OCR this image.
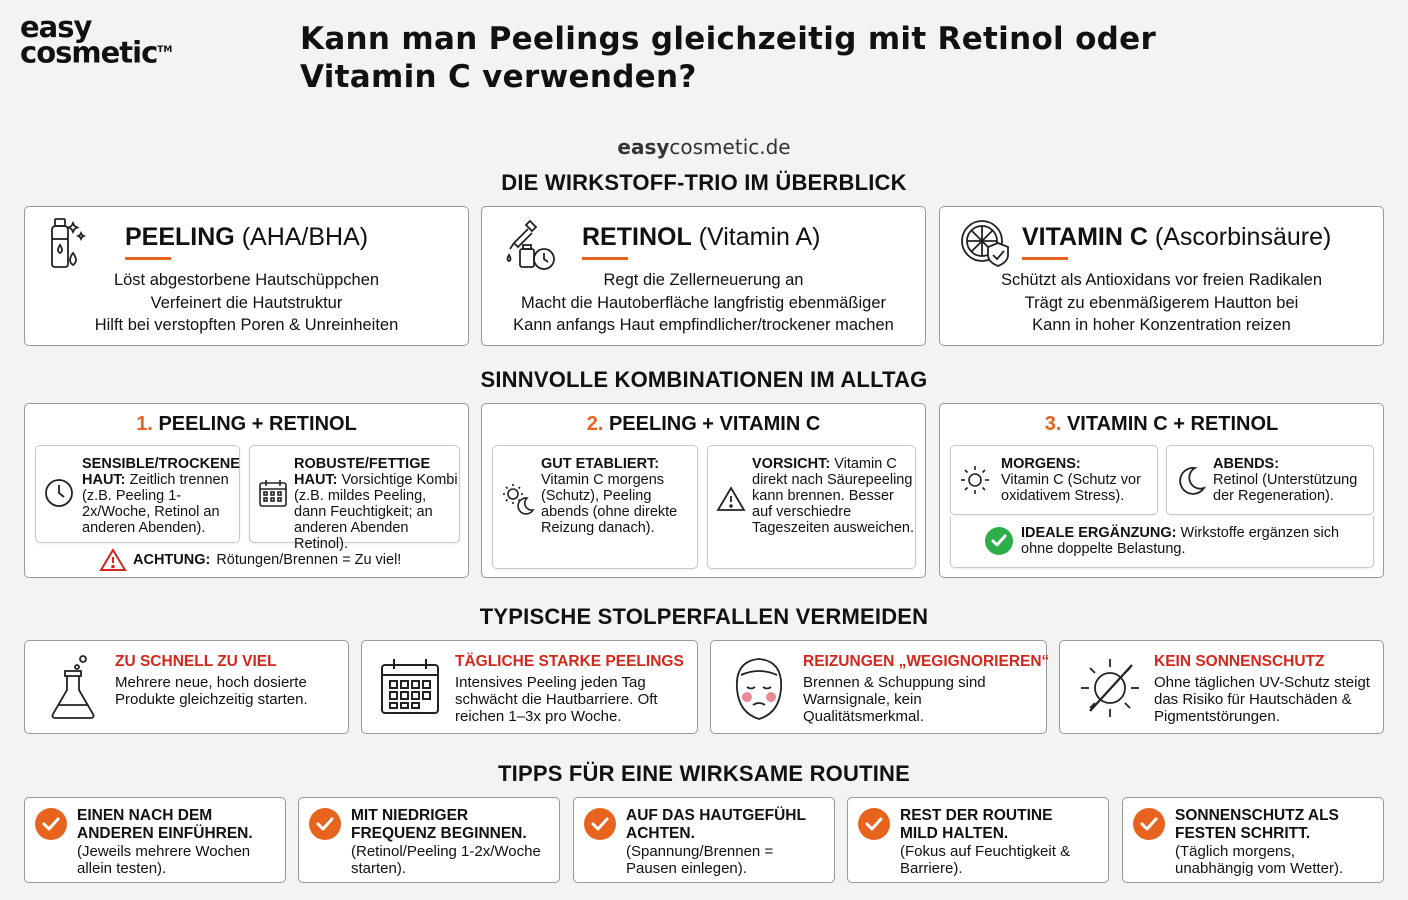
easy
cosmetic™	Kann man Peelings gleichzeitig mit Retinol oder Vitamin C verwenden?
easycosmetic.de
DIE WIRKSTOFF-TRIO IM ÜBERBLICK
PEELING (AHA/BHA)
Löst abgestorbene Hautschüppchen
Verfeinert die Hautstruktur
Hilft bei verstopften Poren & Unreinheiten
RETINOL (Vitamin A)
Regt die Zellerneuerung an
Macht die Hautoberfläche langfristig ebenmäßiger
Kann anfangs Haut empfindlicher/trockener machen
VITAMIN C (Ascorbinsäure)
Schützt als Antioxidans vor freien Radikalen
Trägt zu ebenmäßigerem Hautton bei
Kann in hoher Konzentration reizen
SINNVOLLE KOMBINATIONEN IM ALLTAG
1. PEELING + RETINOL
SENSIBLE/TROCKENE HAUT: Zeitlich trennen (z.B. Peeling 1-2x/Woche, Retinol an anderen Abenden).
ROBUSTE/FETTIGE HAUT: Vorsichtige Kombi (z.B. mildes Peeling, dann Feuchtigkeit; an anderen Abenden Retinol).
ACHTUNG: Rötungen/Brennen = Zu viel!
2. PEELING + VITAMIN C
GUT ETABLIERT: Vitamin C morgens (Schutz), Peeling abends (ohne direkte Reizung danach).
VORSICHT: Vitamin C direkt nach Säurepeeling kann brennen. Besser auf verschiedre Tageszeiten ausweichen.
3. VITAMIN C + RETINOL
MORGENS:
Vitamin C (Schutz vor oxidativem Stress).
ABENDS:
Retinol (Unterstützung der Regeneration).
IDEALE ERGÄNZUNG: Wirkstoffe ergänzen sich ohne doppelte Belastung.
TYPISCHE STOLPERFALLEN VERMEIDEN
ZU SCHNELL ZU VIEL
Mehrere neue, hoch dosierte Produkte gleichzeitig starten.
TÄGLICHE STARKE PEELINGS
Intensives Peeling jeden Tag schwächt die Hautbarriere. Oft reichen 1–3x pro Woche.
REIZUNGEN „WEGIGNORIEREN“
Brennen & Schuppung sind Warnsignale, kein Qualitätsmerkmal.
KEIN SONNENSCHUTZ
Ohne täglichen UV-Schutz steigt das Risiko für Hautschäden & Pigmentstörungen.
TIPPS FÜR EINE WIRKSAME ROUTINE
EINEN NACH DEM ANDEREN EINFÜHREN.
(Jeweils mehrere Wochen allein testen).
MIT NIEDRIGER FREQUENZ BEGINNEN.
(Retinol/Peeling 1-2x/Woche starten).
AUF DAS HAUTGEFÜHL ACHTEN.
(Spannung/Brennen = Pausen einlegen).
REST DER ROUTINE MILD HALTEN.
(Fokus auf Feuchtigkeit & Barriere).
SONNENSCHUTZ ALS FESTEN SCHRITT.
(Täglich morgens, unabhängig vom Wetter).
